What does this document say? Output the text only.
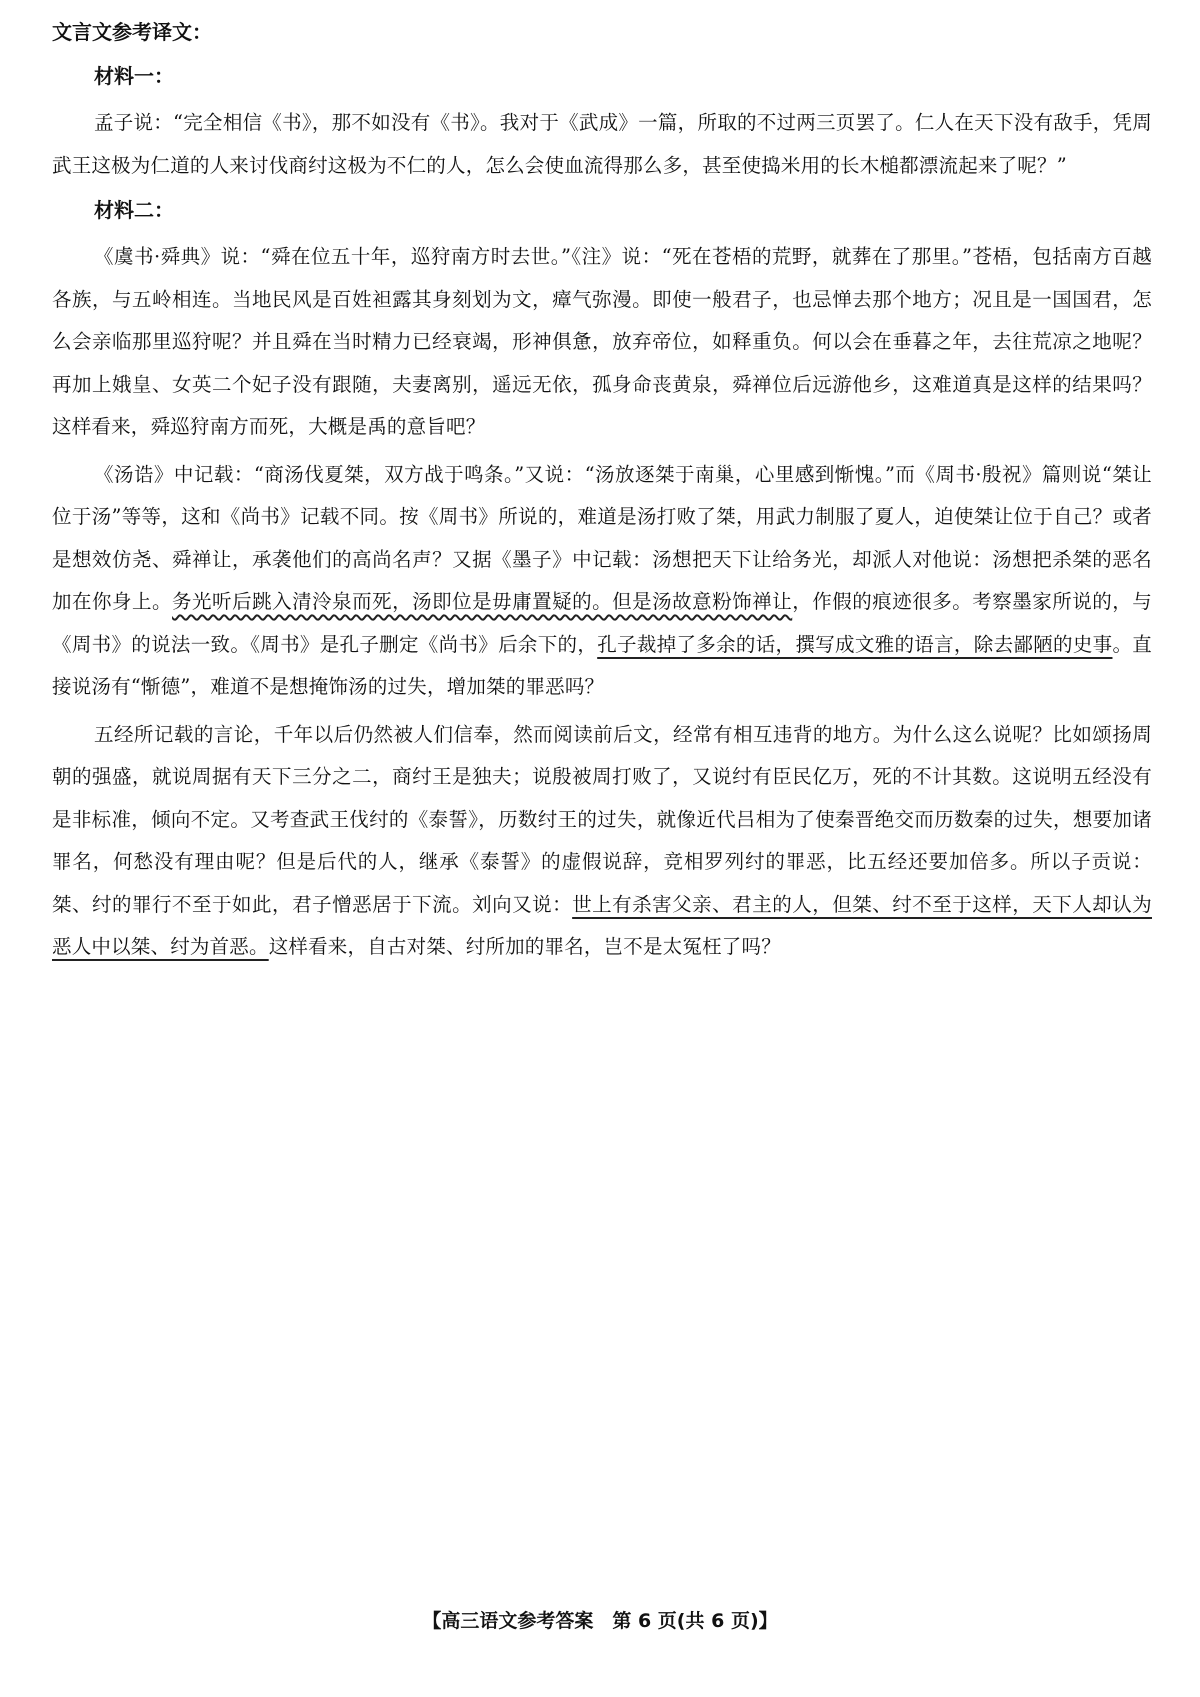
文言文参考译文：
材料一：

孟子说：“完全相信《书》，那不如没有《书》。我对于《武成》一篇，所取的不过两三页罢了。仁人在天下没有敌手，凭周武王这极为仁道的人来讨伐商纣这极为不仁的人，怎么会使血流得那么多，甚至使捣米用的长木槌都漂流起来了呢？”

材料二：

《虞书·舜典》说：“舜在位五十年，巡狩南方时去世。”《注》说：“死在苍梧的荒野，就葬在了那里。”苍梧，包括南方百越各族，与五岭相连。当地民风是百姓袒露其身刻划为文，瘴气弥漫。即使一般君子，也忌惮去那个地方；况且是一国国君，怎么会亲临那里巡狩呢？并且舜在当时精力已经衰竭，形神俱惫，放弃帝位，如释重负。何以会在垂暮之年，去往荒凉之地呢？再加上娥皇、女英二个妃子没有跟随，夫妻离别，遥远无依，孤身命丧黄泉，舜禅位后远游他乡，这难道真是这样的结果吗？这样看来，舜巡狩南方而死，大概是禹的意旨吧？

《汤诰》中记载：“商汤伐夏桀，双方战于鸣条。”又说：“汤放逐桀于南巢，心里感到惭愧。”而《周书·殷祝》篇则说“桀让位于汤”等等，这和《尚书》记载不同。按《周书》所说的，难道是汤打败了桀，用武力制服了夏人，迫使桀让位于自己？或者是想效仿尧、舜禅让，承袭他们的高尚名声？又据《墨子》中记载：汤想把天下让给务光，却派人对他说：汤想把杀桀的恶名加在你身上。务光听后跳入清泠泉而死，汤即位是毋庸置疑的。但是汤故意粉饰禅让，作假的痕迹很多。考察墨家所说的，与《周书》的说法一致。《周书》是孔子删定《尚书》后余下的，孔子裁掉了多余的话，撰写成文雅的语言，除去鄙陋的史事。直接说汤有“惭德”，难道不是想掩饰汤的过失，增加桀的罪恶吗？

五经所记载的言论，千年以后仍然被人们信奉，然而阅读前后文，经常有相互违背的地方。为什么这么说呢？比如颂扬周朝的强盛，就说周据有天下三分之二，商纣王是独夫；说殷被周打败了，又说纣有臣民亿万，死的不计其数。这说明五经没有是非标准，倾向不定。又考查武王伐纣的《泰誓》，历数纣王的过失，就像近代吕相为了使秦晋绝交而历数秦的过失，想要加诸罪名，何愁没有理由呢？但是后代的人，继承《泰誓》的虚假说辞，竞相罗列纣的罪恶，比五经还要加倍多。所以子贡说：桀、纣的罪行不至于如此，君子憎恶居于下流。刘向又说：世上有杀害父亲、君主的人，但桀、纣不至于这样，天下人却认为恶人中以桀、纣为首恶。这样看来，自古对桀、纣所加的罪名，岂不是太冤枉了吗？

【高三语文参考答案　第 6 页(共 6 页)】
